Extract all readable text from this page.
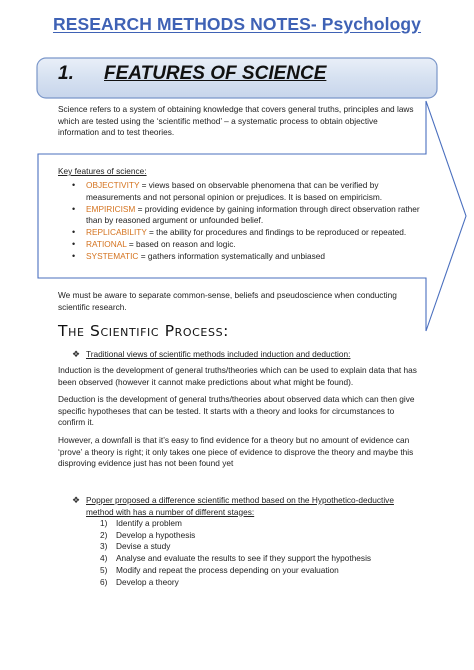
RESEARCH METHODS NOTES- Psychology
1. FEATURES OF SCIENCE
Science refers to a system of obtaining knowledge that covers general truths, principles and laws which are tested using the ‘scientific method’ – a systematic process to obtain objective information and to test theories.
Key features of science:
• OBJECTIVITY = views based on observable phenomena that can be verified by measurements and not personal opinion or prejudices. It is based on empiricism.
• EMPIRICISM = providing evidence by gaining information through direct observation rather than by reasoned argument or unfounded belief.
• REPLICABILITY = the ability for procedures and findings to be reproduced or repeated.
• RATIONAL = based on reason and logic.
• SYSTEMATIC = gathers information systematically and unbiased
We must be aware to separate common-sense, beliefs and pseudoscience when conducting scientific research.
The Scientific Process:
❖ Traditional views of scientific methods included induction and deduction:
Induction is the development of general truths/theories which can be used to explain data that has been observed (however it cannot make predictions about what might be found).
Deduction is the development of general truths/theories about observed data which can then give specific hypotheses that can be tested. It starts with a theory and looks for circumstances to confirm it.
However, a downfall is that it’s easy to find evidence for a theory but no amount of evidence can ‘prove’ a theory is right; it only takes one piece of evidence to disprove the theory and maybe this disproving evidence just has not been found yet
❖ Popper proposed a difference scientific method based on the Hypothetico-deductive method with has a number of different stages:
1) Identify a problem
2) Develop a hypothesis
3) Devise a study
4) Analyse and evaluate the results to see if they support the hypothesis
5) Modify and repeat the process depending on your evaluation
6) Develop a theory
